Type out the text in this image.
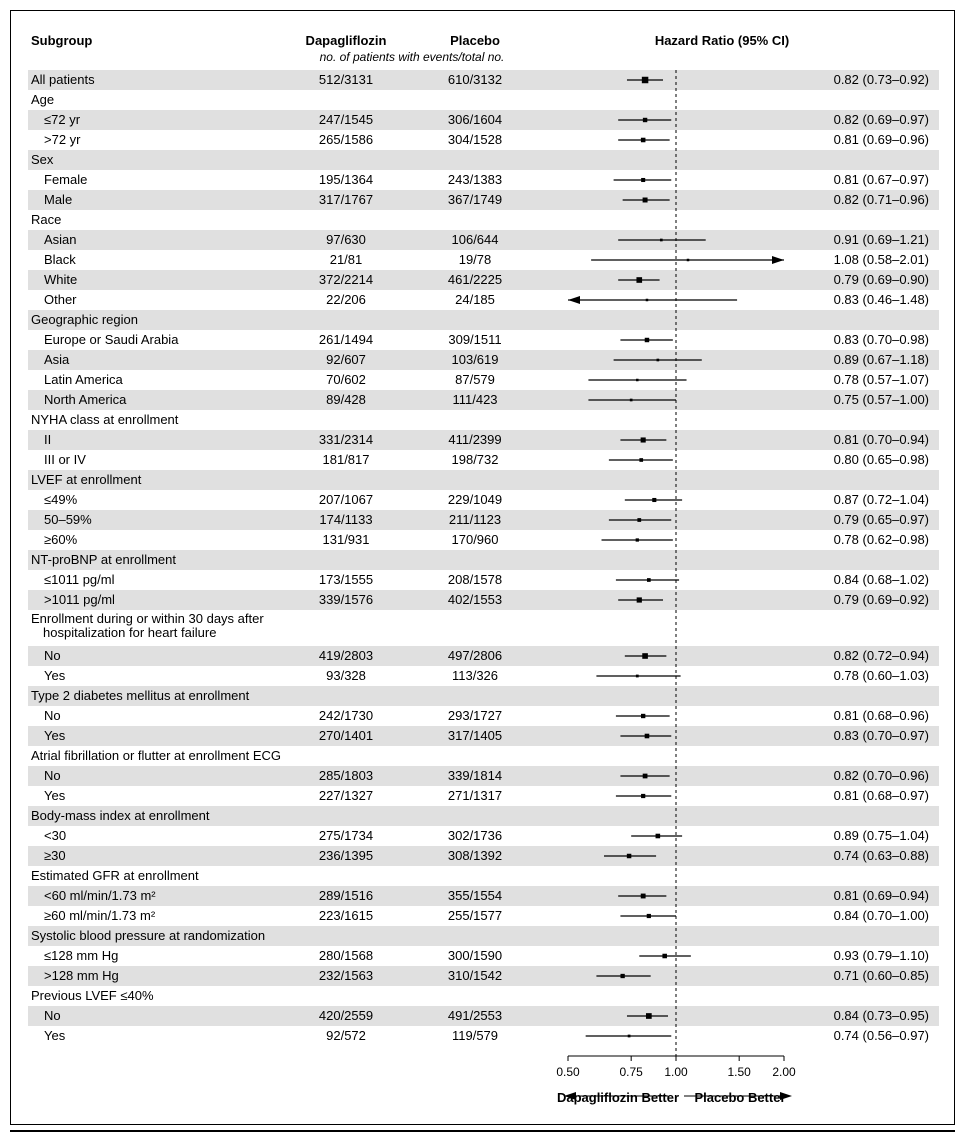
Subgroup	Dapagliflozin	Placebo
no. of patients with events/total no.
Hazard Ratio (95% CI)
All patients	512/3131	610/3132	0.82 (0.73–0.92)
Age
≤72 yr	247/1545	306/1604	0.82 (0.69–0.97)
>72 yr	265/1586	304/1528	0.81 (0.69–0.96)
Sex
Female	195/1364	243/1383	0.81 (0.67–0.97)
Male	317/1767	367/1749	0.82 (0.71–0.96)
Race
Asian	97/630	106/644	0.91 (0.69–1.21)
Black	21/81	19/78	1.08 (0.58–2.01)
White	372/2214	461/2225	0.79 (0.69–0.90)
Other	22/206	24/185	0.83 (0.46–1.48)
Geographic region
Europe or Saudi Arabia	261/1494	309/1511	0.83 (0.70–0.98)
Asia	92/607	103/619	0.89 (0.67–1.18)
Latin America	70/602	87/579	0.78 (0.57–1.07)
North America	89/428	111/423	0.75 (0.57–1.00)
NYHA class at enrollment
II	331/2314	411/2399	0.81 (0.70–0.94)
III or IV	181/817	198/732	0.80 (0.65–0.98)
LVEF at enrollment
≤49%	207/1067	229/1049	0.87 (0.72–1.04)
50–59%	174/1133	211/1123	0.79 (0.65–0.97)
≥60%	131/931	170/960	0.78 (0.62–0.98)
NT-proBNP at enrollment
≤1011 pg/ml	173/1555	208/1578	0.84 (0.68–1.02)
>1011 pg/ml	339/1576	402/1553	0.79 (0.69–0.92)
Enrollment during or within 30 days after
hospitalization for heart failure
No	419/2803	497/2806	0.82 (0.72–0.94)
Yes	93/328	113/326	0.78 (0.60–1.03)
Type 2 diabetes mellitus at enrollment
No	242/1730	293/1727	0.81 (0.68–0.96)
Yes	270/1401	317/1405	0.83 (0.70–0.97)
Atrial fibrillation or flutter at enrollment ECG
No	285/1803	339/1814	0.82 (0.70–0.96)
Yes	227/1327	271/1317	0.81 (0.68–0.97)
Body-mass index at enrollment
<30	275/1734	302/1736	0.89 (0.75–1.04)
≥30	236/1395	308/1392	0.74 (0.63–0.88)
Estimated GFR at enrollment
<60 ml/min/1.73 m²	289/1516	355/1554	0.81 (0.69–0.94)
≥60 ml/min/1.73 m²	223/1615	255/1577	0.84 (0.70–1.00)
Systolic blood pressure at randomization
≤128 mm Hg	280/1568	300/1590	0.93 (0.79–1.10)
>128 mm Hg	232/1563	310/1542	0.71 (0.60–0.85)
Previous LVEF ≤40%
No	420/2559	491/2553	0.84 (0.73–0.95)
Yes	92/572	119/579	0.74 (0.56–0.97)
0.50	0.75 1.00	1.50 2.00
Dapagliflozin Better Placebo Better
